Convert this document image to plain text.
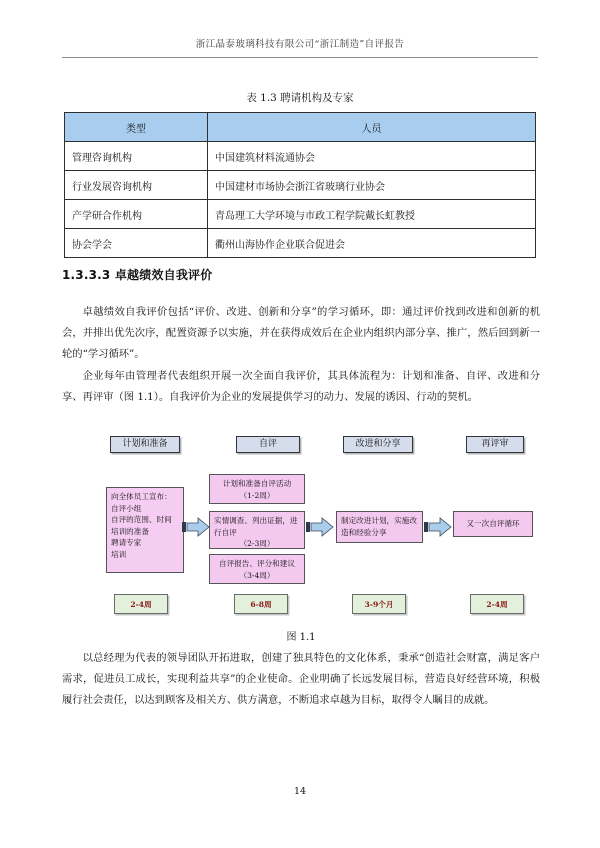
浙江晶泰玻璃科技有限公司“浙江制造”自评报告
表 1.3 聘请机构及专家
类型	人员
管理咨询机构	中国建筑材料流通协会
行业发展咨询机构	中国建材市场协会浙江省玻璃行业协会
产学研合作机构	青岛理工大学环境与市政工程学院戴长虹教授
协会学会	衢州山海协作企业联合促进会
1.3.3.3 卓越绩效自我评价
卓越绩效自我评价包括“评价、改进、创新和分享”的学习循环，即：通过评价找到改进和创新的机会，并排出优先次序，配置资源予以实施，并在获得成效后在企业内组织内部分享、推广，然后回到新一轮的“学习循环”。
企业每年由管理者代表组织开展一次全面自我评价，其具体流程为：计划和准备、自评、改进和分享、再评审（图 1.1）。自我评价为企业的发展提供学习的动力、发展的诱因、行动的契机。
计划和准备	自评	改进和分享	再评审
向全体员工宣布：
自评小组
自评的范围、时间
培训的准备
聘请专家
培训
计划和准备自评活动
（1-2周）
实情调查、列出证据，进行自评
（2-3周）
自评报告、评分和建议
（3-4周）
制定改进计划，实施改造和经验分享
又一次自评循环
2-4周	6-8周	3-9个月	2-4周
图 1.1
以总经理为代表的领导团队开拓进取，创建了独具特色的文化体系，秉承“创造社会财富，满足客户需求，促进员工成长，实现利益共享”的企业使命。企业明确了长远发展目标，营造良好经营环境，积极履行社会责任，以达到顾客及相关方、供方满意，不断追求卓越为目标，取得令人瞩目的成就。
14
